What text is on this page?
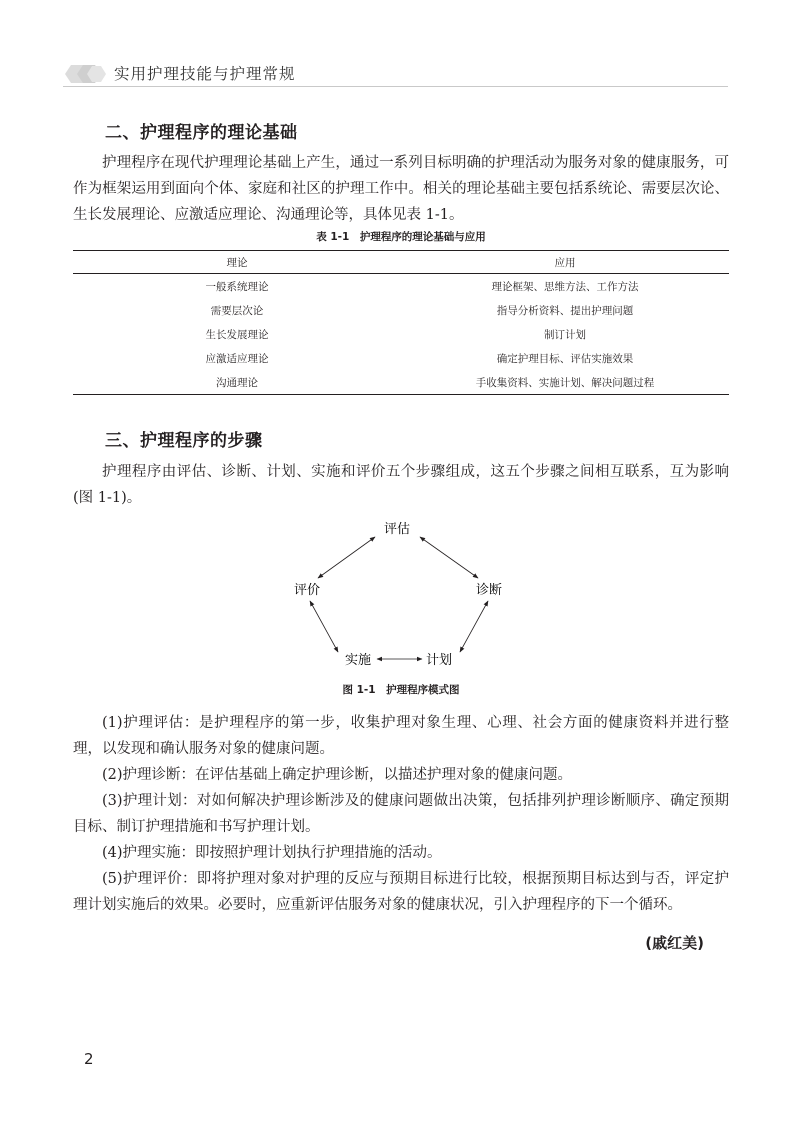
实用护理技能与护理常规
二、护理程序的理论基础

护理程序在现代护理理论基础上产生，通过一系列目标明确的护理活动为服务对象的健康服务，可作为框架运用到面向个体、家庭和社区的护理工作中。相关的理论基础主要包括系统论、需要层次论、生长发展理论、应激适应理论、沟通理论等，具体见表 1-1。

表 1-1　护理程序的理论基础与应用
理论	应用
一般系统理论	理论框架、思维方法、工作方法
需要层次论	指导分析资料、提出护理问题
生长发展理论	制订计划
应激适应理论	确定护理目标、评估实施效果
沟通理论	手收集资料、实施计划、解决问题过程
三、护理程序的步骤

护理程序由评估、诊断、计划、实施和评价五个步骤组成，这五个步骤之间相互联系，互为影响(图 1-1)。

评估
评价	诊断
实施	计划
图 1-1　护理程序模式图

(1)护理评估：是护理程序的第一步，收集护理对象生理、心理、社会方面的健康资料并进行整理，以发现和确认服务对象的健康问题。

(2)护理诊断：在评估基础上确定护理诊断，以描述护理对象的健康问题。

(3)护理计划：对如何解决护理诊断涉及的健康问题做出决策，包括排列护理诊断顺序、确定预期目标、制订护理措施和书写护理计划。

(4)护理实施：即按照护理计划执行护理措施的活动。

(5)护理评价：即将护理对象对护理的反应与预期目标进行比较，根据预期目标达到与否，评定护理计划实施后的效果。必要时，应重新评估服务对象的健康状况，引入护理程序的下一个循环。

(戚红美)
2
